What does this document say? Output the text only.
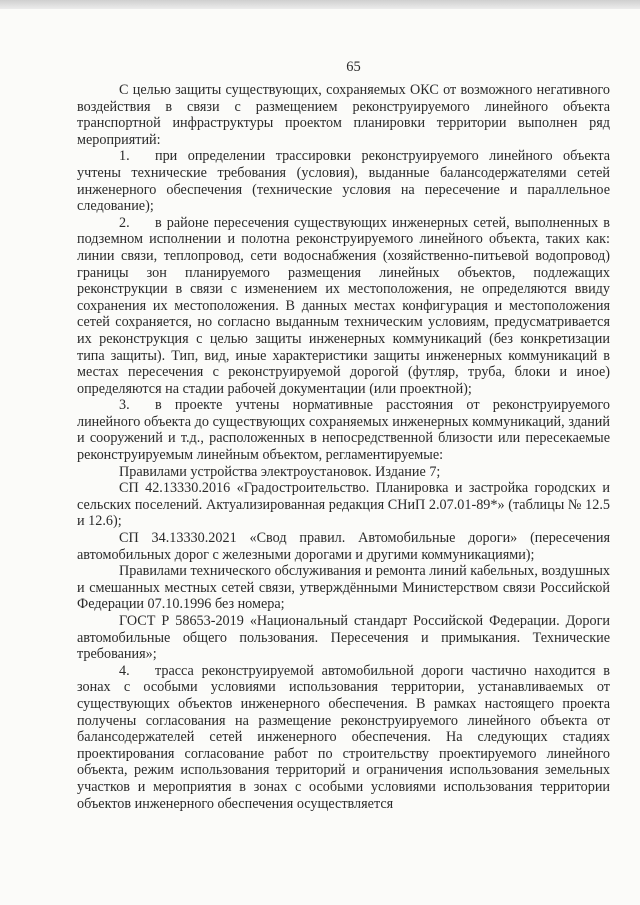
65

С целью защиты существующих, сохраняемых ОКС от возможного негативного воздействия в связи с размещением реконструируемого линейного объекта транспортной инфраструктуры проектом планировки территории выполнен ряд мероприятий:

1. при определении трассировки реконструируемого линейного объекта учтены технические требования (условия), выданные балансодержателями сетей инженерного обеспечения (технические условия на пересечение и параллельное следование);

2. в районе пересечения существующих инженерных сетей, выполненных в подземном исполнении и полотна реконструируемого линейного объекта, таких как: линии связи, теплопровод, сети водоснабжения (хозяйственно-питьевой водопровод) границы зон планируемого размещения линейных объектов, подлежащих реконструкции в связи с изменением их местоположения, не определяются ввиду сохранения их местоположения. В данных местах конфигурация и местоположения сетей сохраняется, но согласно выданным техническим условиям, предусматривается их реконструкция с целью защиты инженерных коммуникаций (без конкретизации типа защиты). Тип, вид, иные характеристики защиты инженерных коммуникаций в местах пересечения с реконструируемой дорогой (футляр, труба, блоки и иное) определяются на стадии рабочей документации (или проектной);

3. в проекте учтены нормативные расстояния от реконструируемого линейного объекта до существующих сохраняемых инженерных коммуникаций, зданий и сооружений и т.д., расположенных в непосредственной близости или пересекаемые реконструируемым линейным объектом, регламентируемые:

Правилами устройства электроустановок. Издание 7;

СП 42.13330.2016 «Градостроительство. Планировка и застройка городских и сельских поселений. Актуализированная редакция СНиП 2.07.01-89*» (таблицы № 12.5 и 12.6);

СП 34.13330.2021 «Свод правил. Автомобильные дороги» (пересечения автомобильных дорог с железными дорогами и другими коммуникациями);

Правилами технического обслуживания и ремонта линий кабельных, воздушных и смешанных местных сетей связи, утверждёнными Министерством связи Российской Федерации 07.10.1996 без номера;

ГОСТ Р 58653-2019 «Национальный стандарт Российской Федерации. Дороги автомобильные общего пользования. Пересечения и примыкания. Технические требования»;

4. трасса реконструируемой автомобильной дороги частично находится в зонах с особыми условиями использования территории, устанавливаемых от существующих объектов инженерного обеспечения. В рамках настоящего проекта получены согласования на размещение реконструируемого линейного объекта от балансодержателей сетей инженерного обеспечения. На следующих стадиях проектирования согласование работ по строительству проектируемого линейного объекта, режим использования территорий и ограничения использования земельных участков и мероприятия в зонах с особыми условиями использования территории объектов инженерного обеспечения осуществляется
